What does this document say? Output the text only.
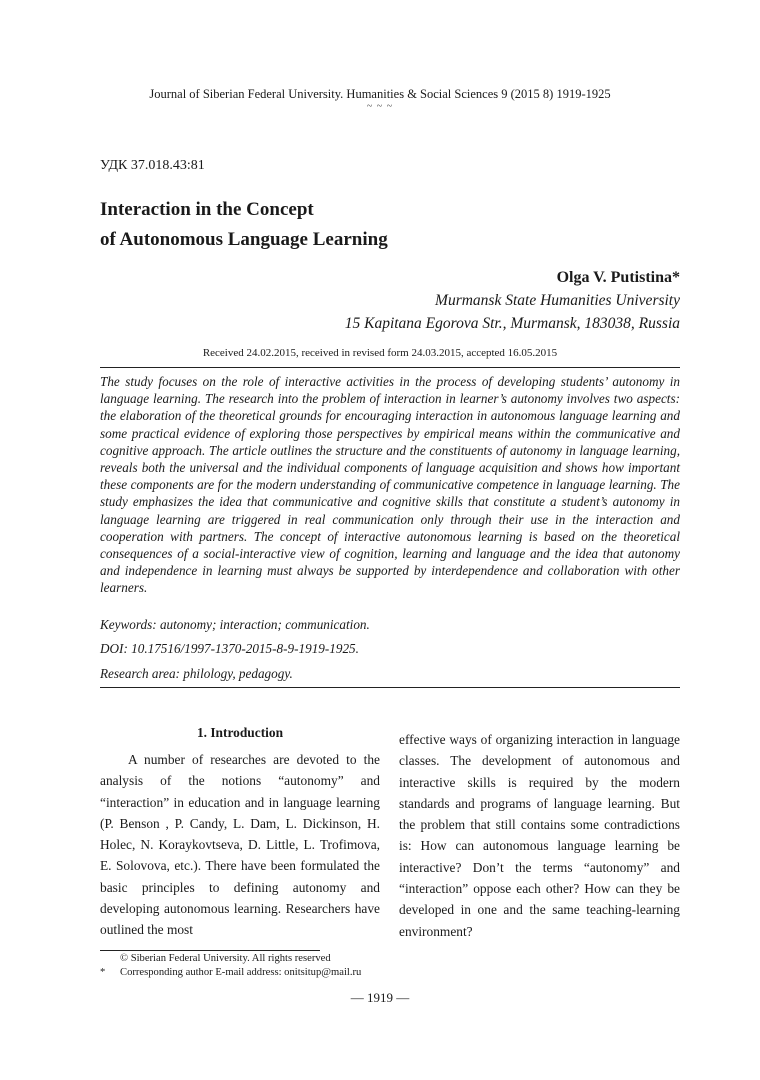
Journal of Siberian Federal University. Humanities & Social Sciences 9 (2015 8) 1919-1925
~ ~ ~
УДК 37.018.43:81
Interaction in the Concept
of Autonomous Language Learning
Olga V. Putistina*
Murmansk State Humanities University
15 Kapitana Egorova Str., Murmansk, 183038, Russia
Received 24.02.2015, received in revised form 24.03.2015, accepted 16.05.2015
The study focuses on the role of interactive activities in the process of developing students’ autonomy in language learning. The research into the problem of interaction in learner’s autonomy involves two aspects: the elaboration of the theoretical grounds for encouraging interaction in autonomous language learning and some practical evidence of exploring those perspectives by empirical means within the communicative and cognitive approach. The article outlines the structure and the constituents of autonomy in language learning, reveals both the universal and the individual components of language acquisition and shows how important these components are for the modern understanding of communicative competence in language learning. The study emphasizes the idea that communicative and cognitive skills that constitute a student’s autonomy in language learning are triggered in real communication only through their use in the interaction and cooperation with partners. The concept of interactive autonomous learning is based on the theoretical consequences of a social-interactive view of cognition, learning and language and the idea that autonomy and independence in learning must always be supported by interdependence and collaboration with other learners.
Keywords: autonomy; interaction; communication.
DOI: 10.17516/1997-1370-2015-8-9-1919-1925.
Research area: philology, pedagogy.
1. Introduction
A number of researches are devoted to the analysis of the notions “autonomy” and “interaction” in education and in language learning (P. Benson , P. Candy, L. Dam, L. Dickinson, H. Holec, N. Koraykovtseva, D. Little, L. Trofimova, E. Solovova, etc.). There have been formulated the basic principles to defining autonomy and developing autonomous learning. Researchers have outlined the most
effective ways of organizing interaction in language classes. The development of autonomous and interactive skills is required by the modern standards and programs of language learning. But the problem that still contains some contradictions is: How can autonomous language learning be interactive? Don’t the terms “autonomy” and “interaction” oppose each other? How can they be developed in one and the same teaching-learning environment?
© Siberian Federal University. All rights reserved
* Corresponding author E-mail address: onitsitup@mail.ru
— 1919 —
